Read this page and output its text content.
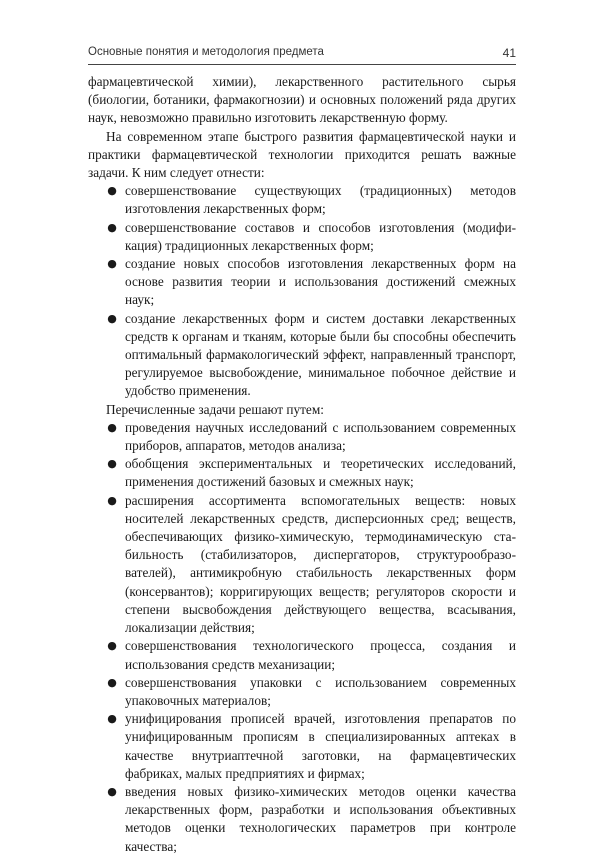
Основные понятия и методология предмета	41

фармацевтической химии), лекарственного растительного сырья (биологии, ботаники, фармакогнозии) и основных положений ряда других наук, невозможно правильно изготовить лекарственную форму.

На современном этапе быстрого развития фармацевтической науки и практики фармацевтической технологии приходится решать важные задачи. К ним следует отнести:

● совершенствование существующих (традиционных) методов изготовления лекарственных форм;
● совершенствование составов и способов изготовления (модификация) традиционных лекарственных форм;
● создание новых способов изготовления лекарственных форм на основе развития теории и использования достижений смежных наук;
● создание лекарственных форм и систем доставки лекарственных средств к органам и тканям, которые были бы способны обеспечить оптимальный фармакологический эффект, направленный транспорт, регулируемое высвобождение, минимальное побочное действие и удобство применения.

Перечисленные задачи решают путем:

● проведения научных исследований с использованием современных приборов, аппаратов, методов анализа;
● обобщения экспериментальных и теоретических исследований, применения достижений базовых и смежных наук;
● расширения ассортимента вспомогательных веществ: новых носителей лекарственных средств, дисперсионных сред; веществ, обеспечивающих физико-химическую, термодинамическую стабильность (стабилизаторов, диспергаторов, структурообразователей), антимикробную стабильность лекарственных форм (консервантов); корригирующих веществ; регуляторов скорости и степени высвобождения действующего вещества, всасывания, локализации действия;
● совершенствования технологического процесса, создания и использования средств механизации;
● совершенствования упаковки с использованием современных упаковочных материалов;
● унифицирования прописей врачей, изготовления препаратов по унифицированным прописям в специализированных аптеках в качестве внутриаптечной заготовки, на фармацевтических фабриках, малых предприятиях и фирмах;
● введения новых физико-химических методов оценки качества лекарственных форм, разработки и использования объективных методов оценки технологических параметров при контроле качества;
